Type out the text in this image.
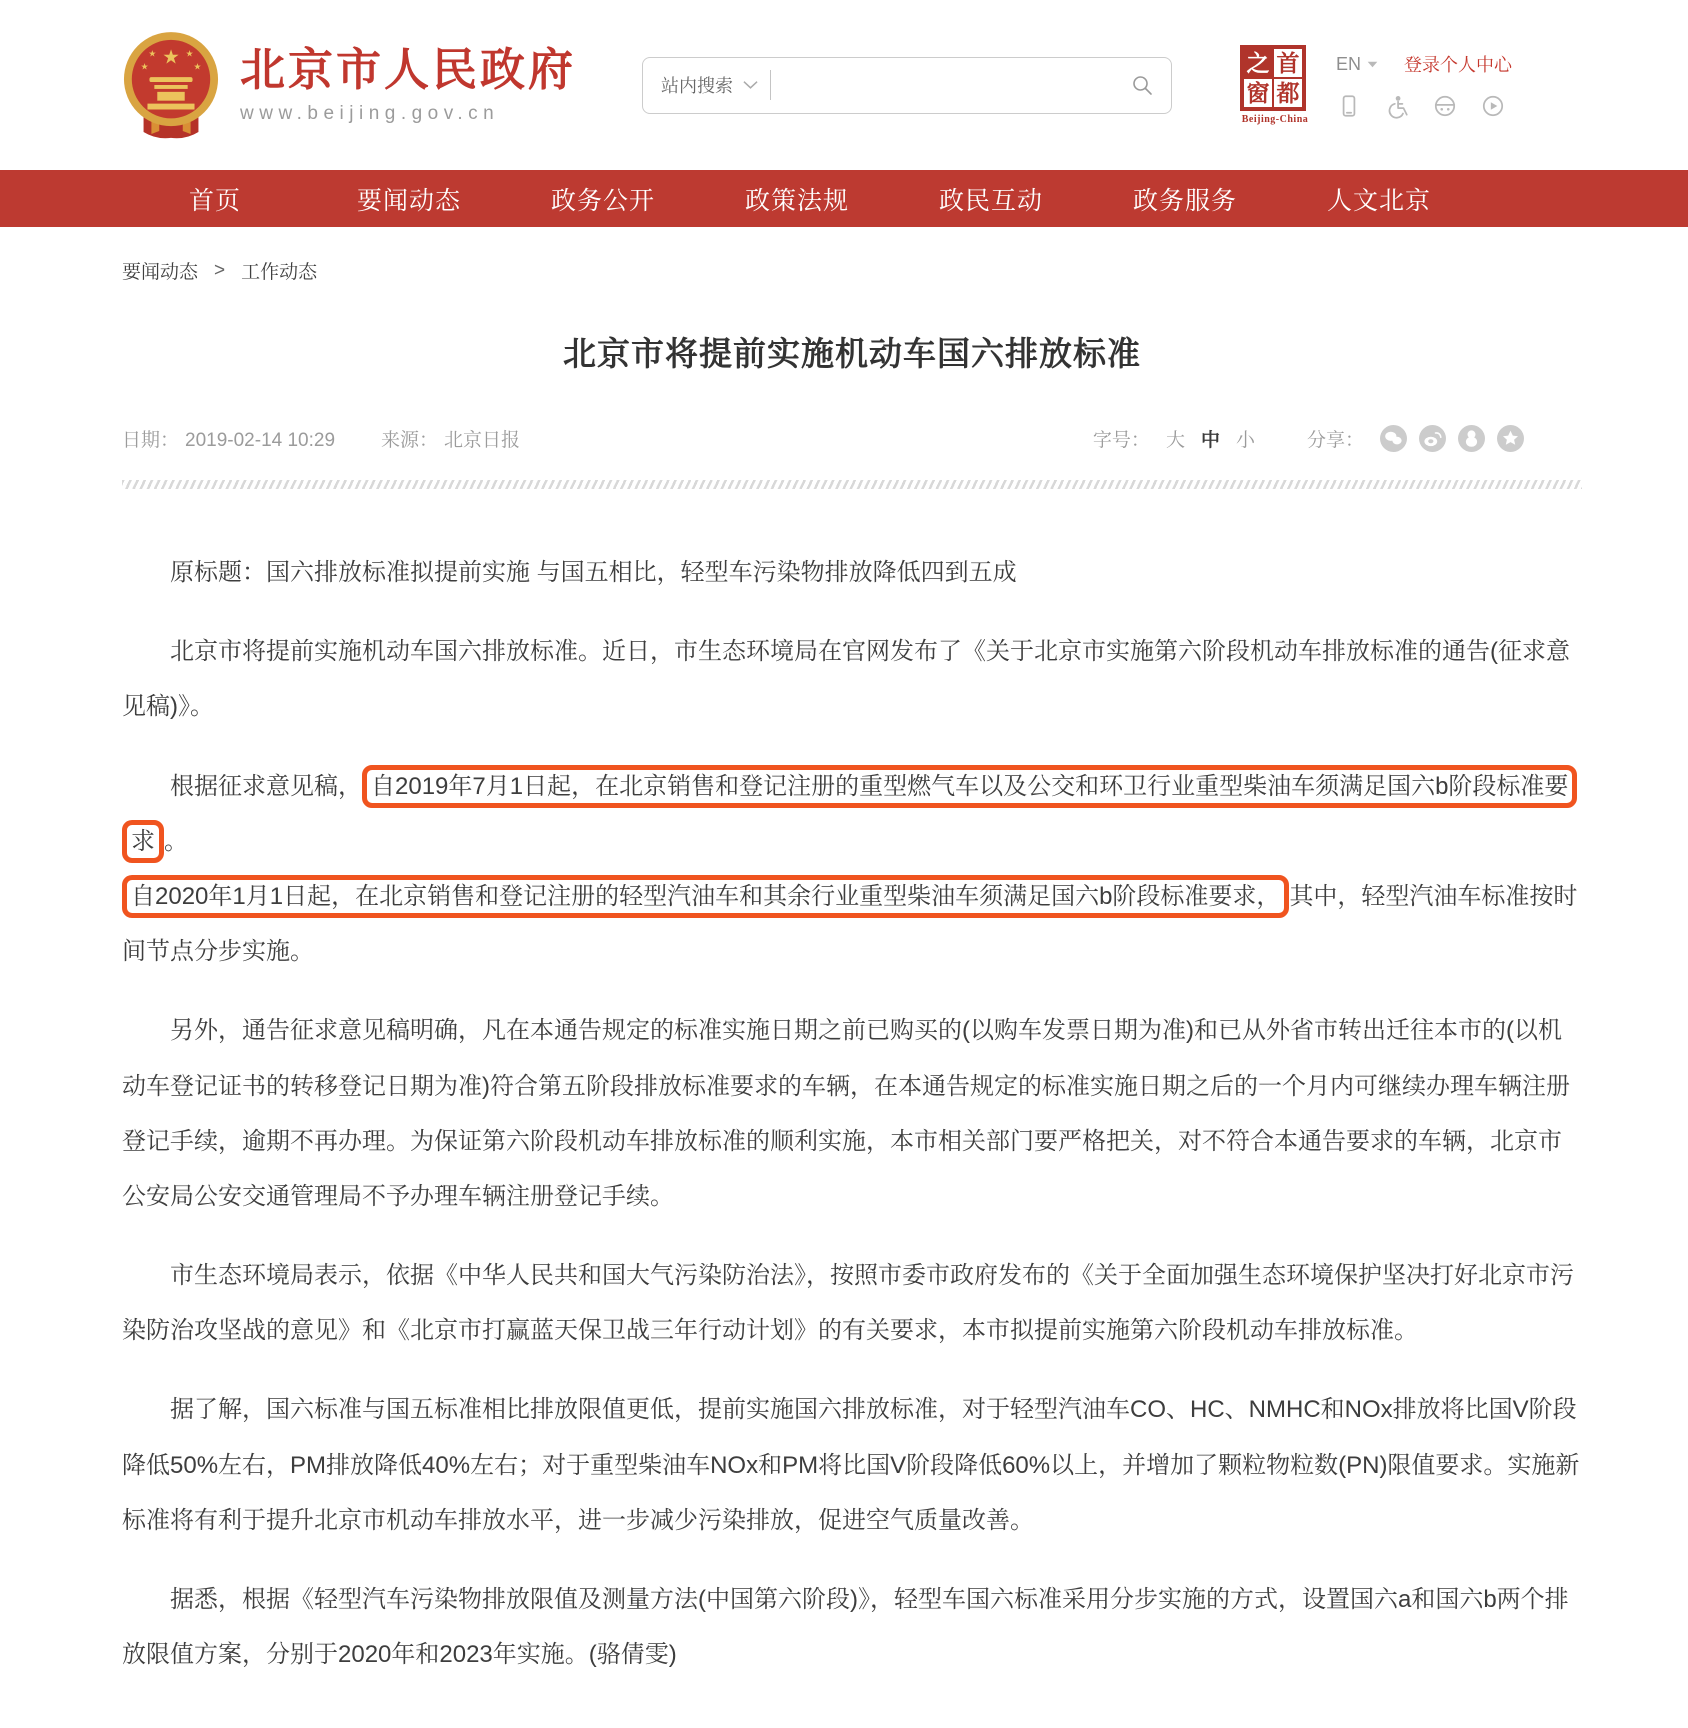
★
★	★
★	★ 北京市人民政府
www.beijing.gov.cn
站内搜索
之 首
窗 都
Beijing-China
EN 登录个人中心
首页	要闻动态	政务公开	政策法规	政民互动	政务服务	人文北京
要闻动态 > 工作动态
北京市将提前实施机动车国六排放标准
日期： 2019-02-14 10:29 来源： 北京日报	字号： 大 中 小	分享：

原标题：国六排放标准拟提前实施 与国五相比，轻型车污染物排放降低四到五成

北京市将提前实施机动车国六排放标准。近日，市生态环境局在官网发布了《关于北京市实施第六阶段机动车排放标准的通告(征求意见稿)》。

根据征求意见稿， 自2019年7月1日起，在北京销售和登记注册的重型燃气车以及公交和环卫行业重型柴油车须满足国六b阶段标准要求 。
自2020年1月1日起，在北京销售和登记注册的轻型汽油车和其余行业重型柴油车须满足国六b阶段标准要求， 其中，轻型汽油车标准按时间节点分步实施。

另外，通告征求意见稿明确，凡在本通告规定的标准实施日期之前已购买的(以购车发票日期为准)和已从外省市转出迁往本市的(以机动车登记证书的转移登记日期为准)符合第五阶段排放标准要求的车辆，在本通告规定的标准实施日期之后的一个月内可继续办理车辆注册登记手续，逾期不再办理。为保证第六阶段机动车排放标准的顺利实施，本市相关部门要严格把关，对不符合本通告要求的车辆，北京市公安局公安交通管理局不予办理车辆注册登记手续。

市生态环境局表示，依据《中华人民共和国大气污染防治法》，按照市委市政府发布的《关于全面加强生态环境保护坚决打好北京市污染防治攻坚战的意见》和《北京市打赢蓝天保卫战三年行动计划》的有关要求，本市拟提前实施第六阶段机动车排放标准。

据了解，国六标准与国五标准相比排放限值更低，提前实施国六排放标准，对于轻型汽油车CO、HC、NMHC和NOx排放将比国V阶段降低50%左右，PM排放降低40%左右；对于重型柴油车NOx和PM将比国V阶段降低60%以上，并增加了颗粒物粒数(PN)限值要求。实施新标准将有利于提升北京市机动车排放水平，进一步减少污染排放，促进空气质量改善。

据悉，根据《轻型汽车污染物排放限值及测量方法(中国第六阶段)》，轻型车国六标准采用分步实施的方式，设置国六a和国六b两个排放限值方案，分别于2020年和2023年实施。(骆倩雯)
